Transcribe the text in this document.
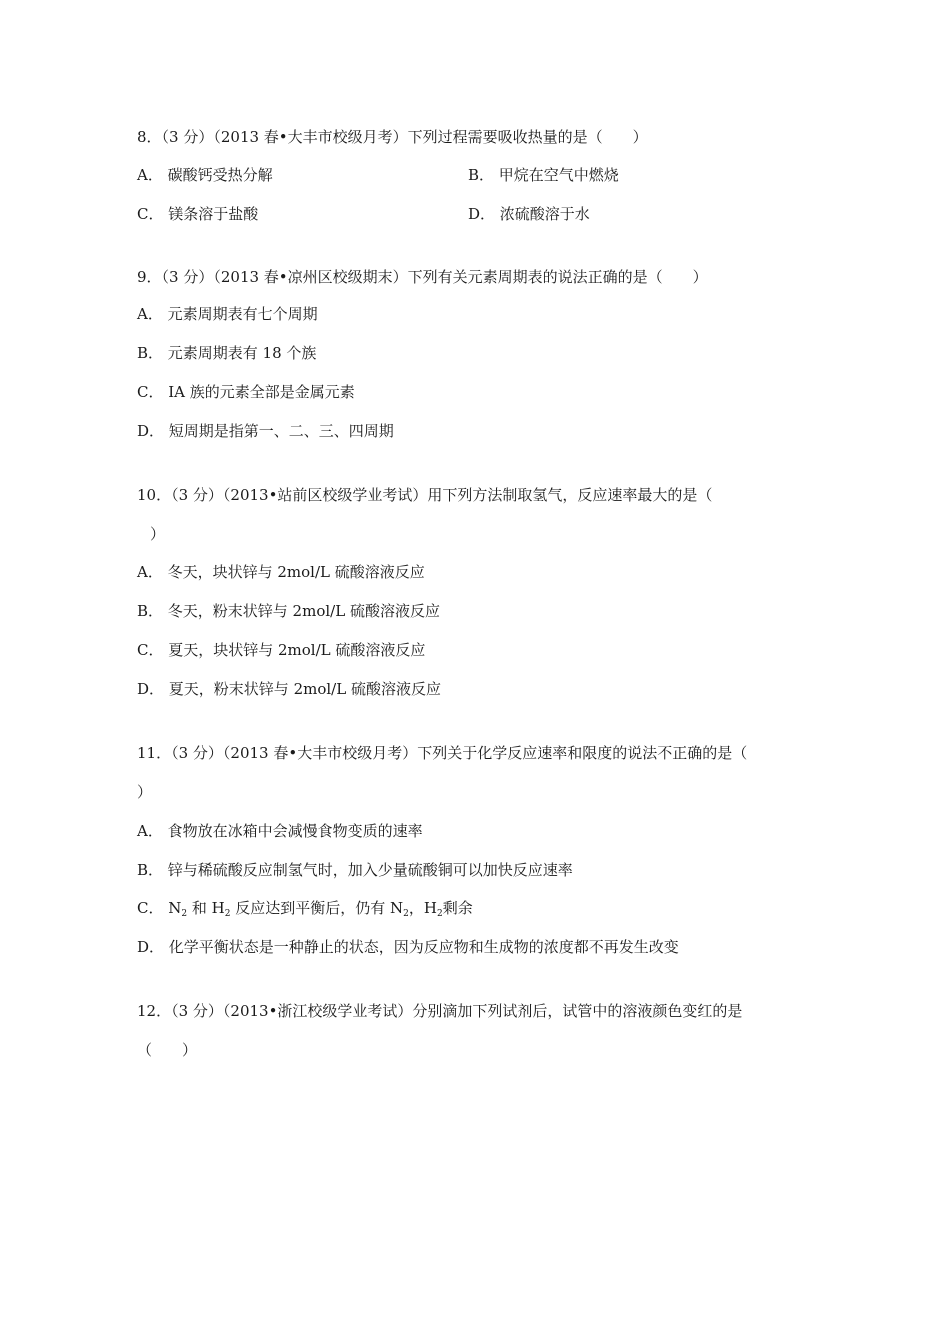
8．（3 分）（2013 春•大丰市校级月考）下列过程需要吸收热量的是（　　）
A． 碳酸钙受热分解	B． 甲烷在空气中燃烧
C． 镁条溶于盐酸	D． 浓硫酸溶于水
9．（3 分）（2013 春•凉州区校级期末）下列有关元素周期表的说法正确的是（　　）
A． 元素周期表有七个周期
B． 元素周期表有 18 个族
C． IA 族的元素全部是金属元素
D． 短周期是指第一、二、三、四周期
10．（3 分）（2013•站前区校级学业考试）用下列方法制取氢气，反应速率最大的是（
）
A． 冬天，块状锌与 2mol/L 硫酸溶液反应
B． 冬天，粉末状锌与 2mol/L 硫酸溶液反应
C． 夏天，块状锌与 2mol/L 硫酸溶液反应
D． 夏天，粉末状锌与 2mol/L 硫酸溶液反应
11．（3 分）（2013 春•大丰市校级月考）下列关于化学反应速率和限度的说法不正确的是（
）
A． 食物放在冰箱中会减慢食物变质的速率
B． 锌与稀硫酸反应制氢气时，加入少量硫酸铜可以加快反应速率
C． $N_2$ 和 $H_2$ 反应达到平衡后，仍有 $N_2$，$H_2$剩余
D． 化学平衡状态是一种静止的状态，因为反应物和生成物的浓度都不再发生改变
12．（3 分）（2013•浙江校级学业考试）分别滴加下列试剂后，试管中的溶液颜色变红的是
（　　）
